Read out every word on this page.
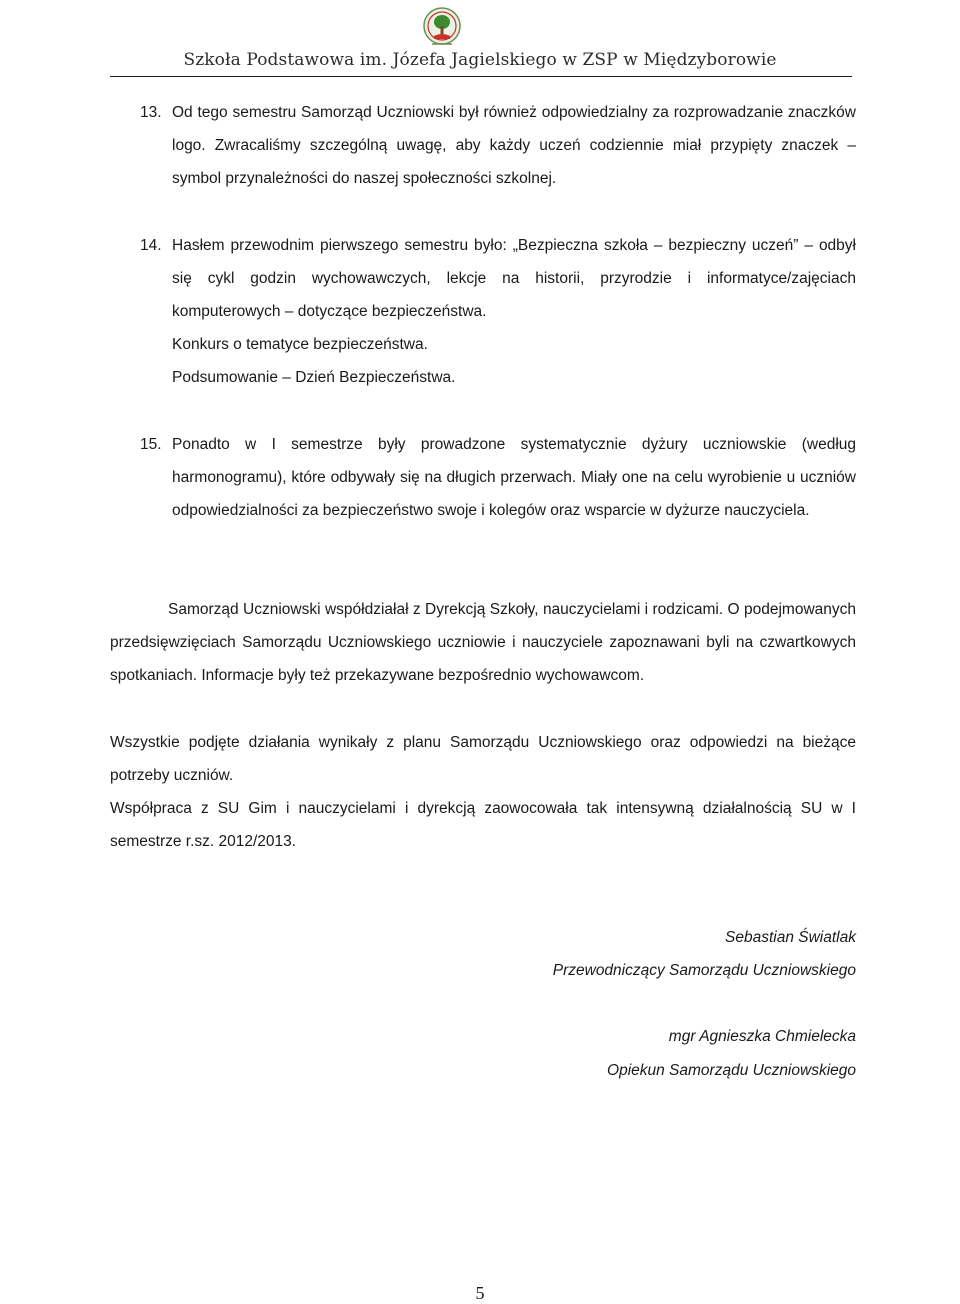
Szkoła Podstawowa im. Józefa Jagielskiego w ZSP w Międzyborowie
13. Od tego semestru Samorząd Uczniowski był również odpowiedzialny za rozprowadzanie znaczków logo. Zwracaliśmy szczególną uwagę, aby każdy uczeń codziennie miał przypięty znaczek – symbol przynależności do naszej społeczności szkolnej.
14. Hasłem przewodnim pierwszego semestru było: „Bezpieczna szkoła – bezpieczny uczeń” – odbył się cykl godzin wychowawczych, lekcje na historii, przyrodzie i informatyce/zajęciach komputerowych – dotyczące bezpieczeństwa.
Konkurs o tematyce bezpieczeństwa.
Podsumowanie – Dzień Bezpieczeństwa.
15. Ponadto w I semestrze były prowadzone systematycznie dyżury uczniowskie (według harmonogramu), które odbywały się na długich przerwach. Miały one na celu wyrobienie u uczniów odpowiedzialności za bezpieczeństwo swoje i kolegów oraz wsparcie w dyżurze nauczyciela.
Samorząd Uczniowski współdziałał z Dyrekcją Szkoły, nauczycielami i rodzicami. O podejmowanych przedsięwzięciach Samorządu Uczniowskiego uczniowie i nauczyciele zapoznawani byli na czwartkowych spotkaniach. Informacje były też przekazywane bezpośrednio wychowawcom.
Wszystkie podjęte działania wynikały z planu Samorządu Uczniowskiego oraz odpowiedzi na bieżące potrzeby uczniów.
Współpraca z SU Gim i nauczycielami i dyrekcją zaowocowała tak intensywną działalnością SU w I semestrze r.sz. 2012/2013.
Sebastian Światlak
Przewodniczący Samorządu Uczniowskiego
mgr Agnieszka Chmielecka
Opiekun Samorządu Uczniowskiego
5
